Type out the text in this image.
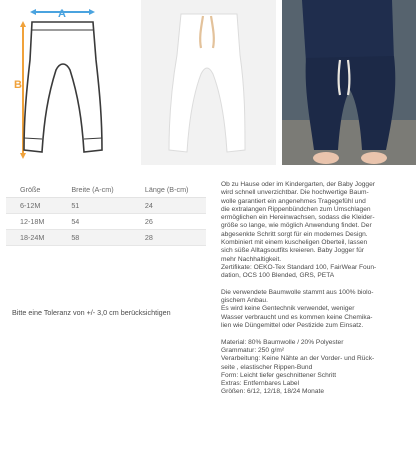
A
B
Größe	Breite (A-cm)	Länge (B-cm)
6-12M	51	24
12-18M	54	26
18-24M	58	28
Bitte eine Toleranz von +/- 3,0 cm berücksichtigen
Ob zu Hause oder im Kindergarten, der Baby Jogger
wird schnell unverzichtbar. Die hochwertige Baum-
wolle garantiert ein angenehmes Tragegefühl und
die extralangen Rippenbündchen zum Umschlagen
ermöglichen ein Hereinwachsen, sodass die Kleider-
größe so lange, wie möglich Anwendung findet. Der
abgesenkte Schritt sorgt für ein modernes Design.
Kombiniert mit einem kuscheligen Oberteil, lassen
sich süße Alltagsoutfits kreieren. Baby Jogger für
mehr Nachhaltigkeit.
Zertifikate: OEKO-Tex Standard 100, FairWear Foun-
dation, OCS 100 Blended, GRS, PETA

Die verwendete Baumwolle stammt aus 100% biolo-
gischem Anbau.
Es wird keine Gentechnik verwendet, weniger
Wasser verbraucht und es kommen keine Chemika-
lien wie Düngemittel oder Pestizide zum Einsatz.

Material: 80% Baumwolle / 20% Polyester
Grammatur: 250 g/m²
Verarbeitung: Keine Nähte an der Vorder- und Rück-
seite , elastischer Rippen-Bund
Form: Leicht tiefer geschnittener Schritt
Extras: Entfernbares Label
Größen: 6/12, 12/18, 18/24 Monate
